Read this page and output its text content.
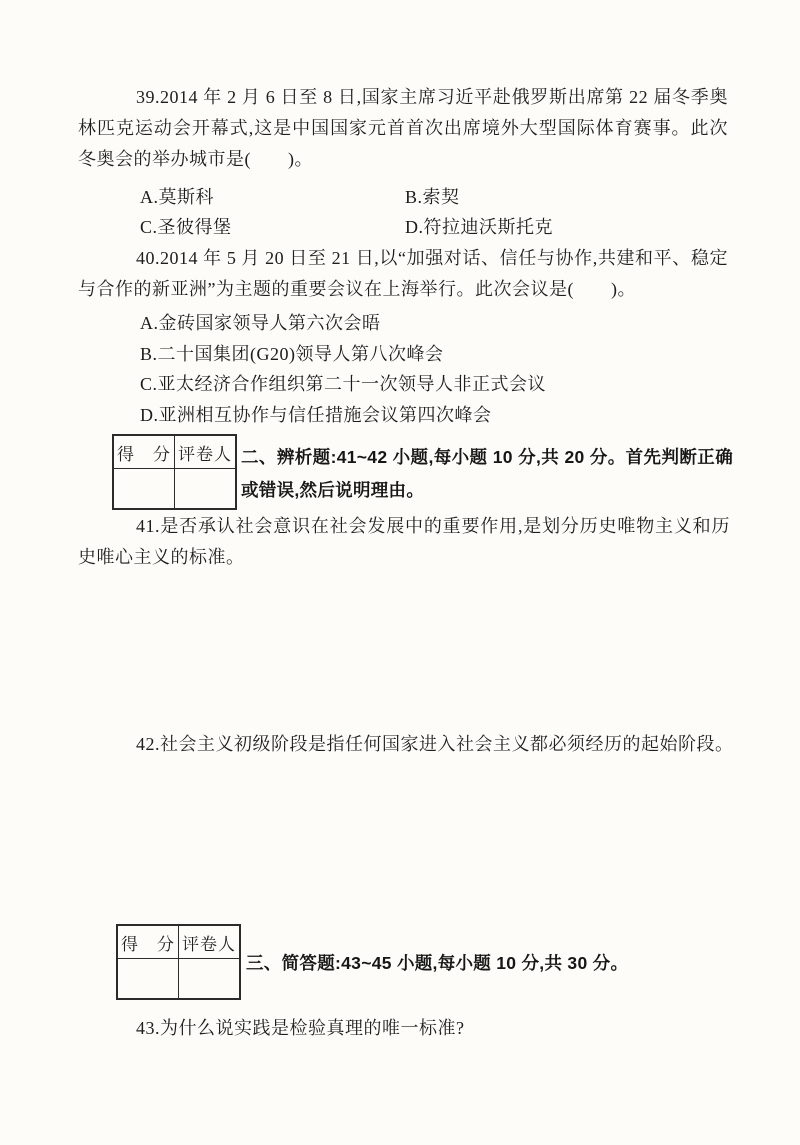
39.2014 年 2 月 6 日至 8 日,国家主席习近平赴俄罗斯出席第 22 届冬季奥林匹克运动会开幕式,这是中国国家元首首次出席境外大型国际体育赛事。此次冬奥会的举办城市是(　　)。
A.莫斯科	B.索契
C.圣彼得堡	D.符拉迪沃斯托克
40.2014 年 5 月 20 日至 21 日,以“加强对话、信任与协作,共建和平、稳定与合作的新亚洲”为主题的重要会议在上海举行。此次会议是(　　)。
A.金砖国家领导人第六次会晤
B.二十国集团(G20)领导人第八次峰会
C.亚太经济合作组织第二十一次领导人非正式会议
D.亚洲相互协作与信任措施会议第四次峰会
得　分 评卷人 二、辨析题:41~42 小题,每小题 10 分,共 20 分。首先判断正确或错误,然后说明理由。
41.是否承认社会意识在社会发展中的重要作用,是划分历史唯物主义和历史唯心主义的标准。
42.社会主义初级阶段是指任何国家进入社会主义都必须经历的起始阶段。
得　分 评卷人
三、简答题:43~45 小题,每小题 10 分,共 30 分。
43.为什么说实践是检验真理的唯一标准?
